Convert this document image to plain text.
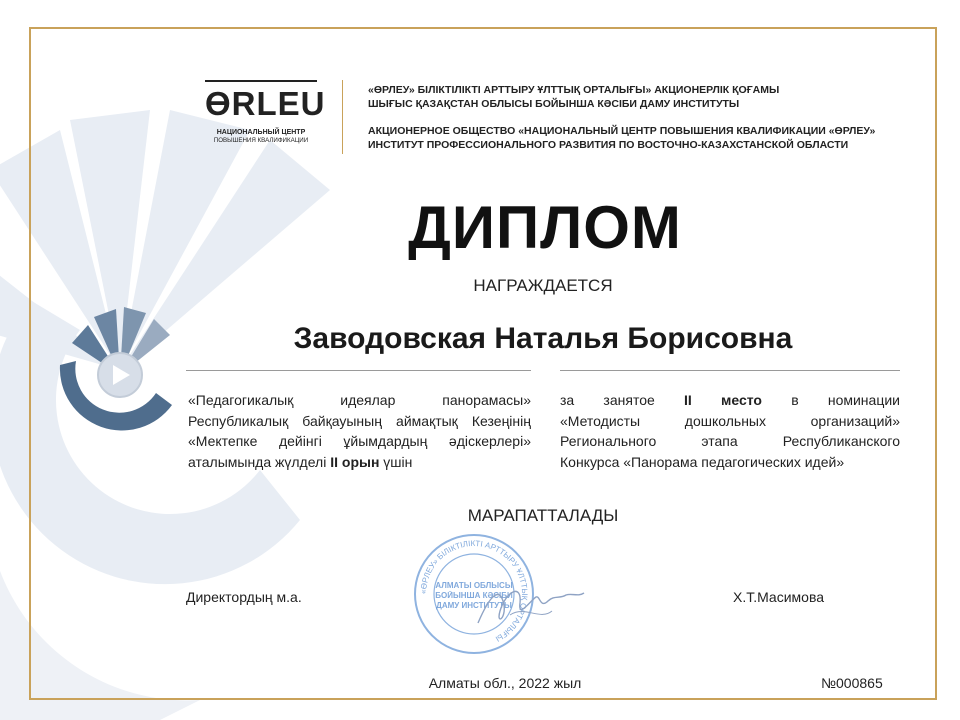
ӨRLEU
НАЦИОНАЛЬНЫЙ ЦЕНТР
ПОВЫШЕНИЯ КВАЛИФИКАЦИИ
«ӨРЛЕУ» БІЛІКТІЛІКТІ АРТТЫРУ ҰЛТТЫҚ ОРТАЛЫҒЫ» АКЦИОНЕРЛІК ҚОҒАМЫ
ШЫҒЫС ҚАЗАҚСТАН ОБЛЫСЫ БОЙЫНША КӘСІБИ ДАМУ ИНСТИТУТЫ
АКЦИОНЕРНОЕ ОБЩЕСТВО «НАЦИОНАЛЬНЫЙ ЦЕНТР ПОВЫШЕНИЯ КВАЛИФИКАЦИИ «ӨРЛЕУ»
ИНСТИТУТ ПРОФЕССИОНАЛЬНОГО РАЗВИТИЯ ПО ВОСТОЧНО-КАЗАХСТАНСКОЙ ОБЛАСТИ
ДИПЛОМ
НАГРАЖДАЕТСЯ
Заводовская Наталья Борисовна
«Педагогикалық идеялар панорамасы»
Республикалық байқауының аймақтық Кезеңінің
«Мектепке дейінгі ұйымдардың әдіскерлері»
аталымында жүлделі II орын үшін
за занятое II место в номинации
«Методисты дошкольных организаций»
Регионального этапа Республиканского
Конкурса «Панорама педагогических идей»
МАРАПАТТАЛАДЫ
Директордың м.а.	Х.Т.Масимова
«ӨРЛЕУ» БІЛІКТІЛІКТІ АРТТЫРУ ҰЛТТЫҚ ОРТАЛЫҒЫ
АЛМАТЫ ОБЛЫСЫ
БОЙЫНША КӘСІБИ
ДАМУ ИНСТИТУТЫ
Алматы обл., 2022 жыл	№000865
